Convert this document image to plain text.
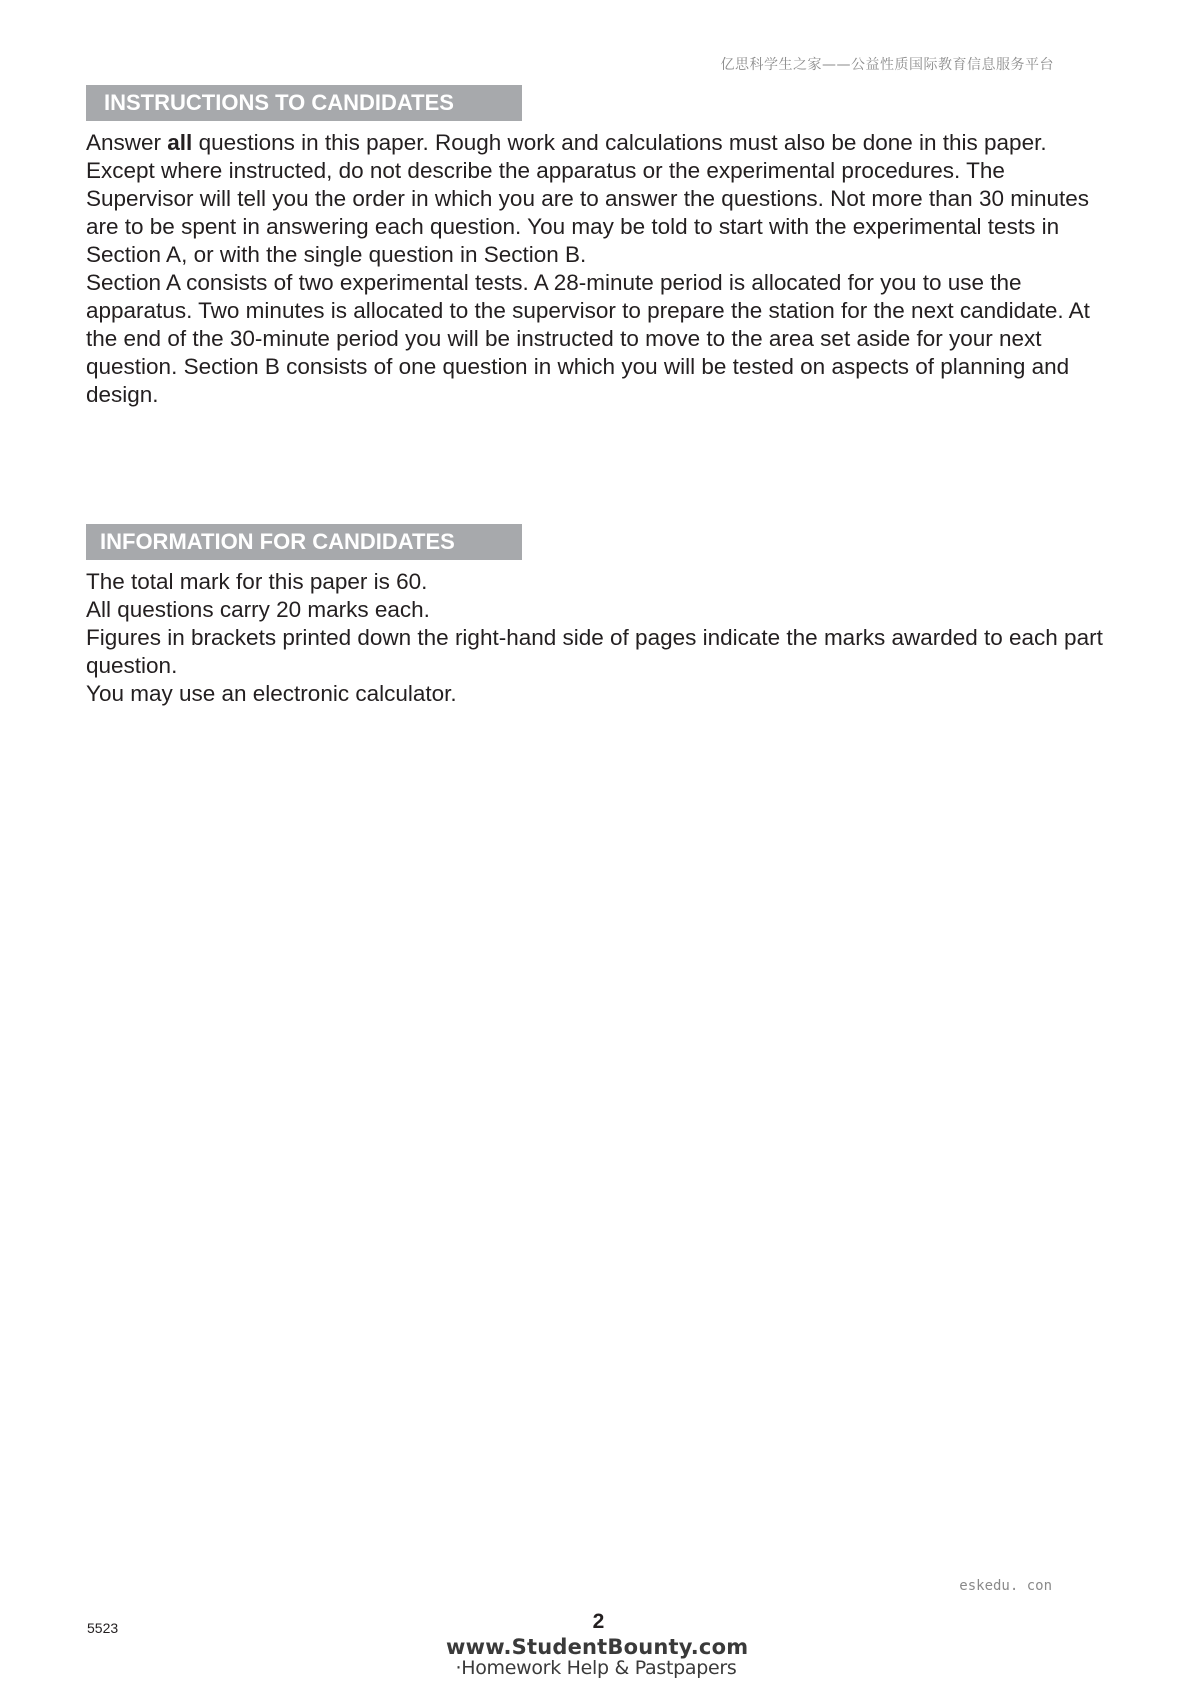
亿思科学生之家——公益性质国际教育信息服务平台
INSTRUCTIONS TO CANDIDATES

Answer all questions in this paper. Rough work and calculations must also be done in this paper. Except where instructed, do not describe the apparatus or the experimental procedures. The Supervisor will tell you the order in which you are to answer the questions. Not more than 30 minutes are to be spent in answering each question. You may be told to start with the experimental tests in Section A, or with the single question in Section B.

Section A consists of two experimental tests. A 28-minute period is allocated for you to use the apparatus. Two minutes is allocated to the supervisor to prepare the station for the next candidate. At the end of the 30-minute period you will be instructed to move to the area set aside for your next question. Section B consists of one question in which you will be tested on aspects of planning and design.

INFORMATION FOR CANDIDATES

The total mark for this paper is 60.

All questions carry 20 marks each.

Figures in brackets printed down the right-hand side of pages indicate the marks awarded to each part question.

You may use an electronic calculator.

eskedu. con
5523	2
www.StudentBounty.com
·Homework Help & Pastpapers
